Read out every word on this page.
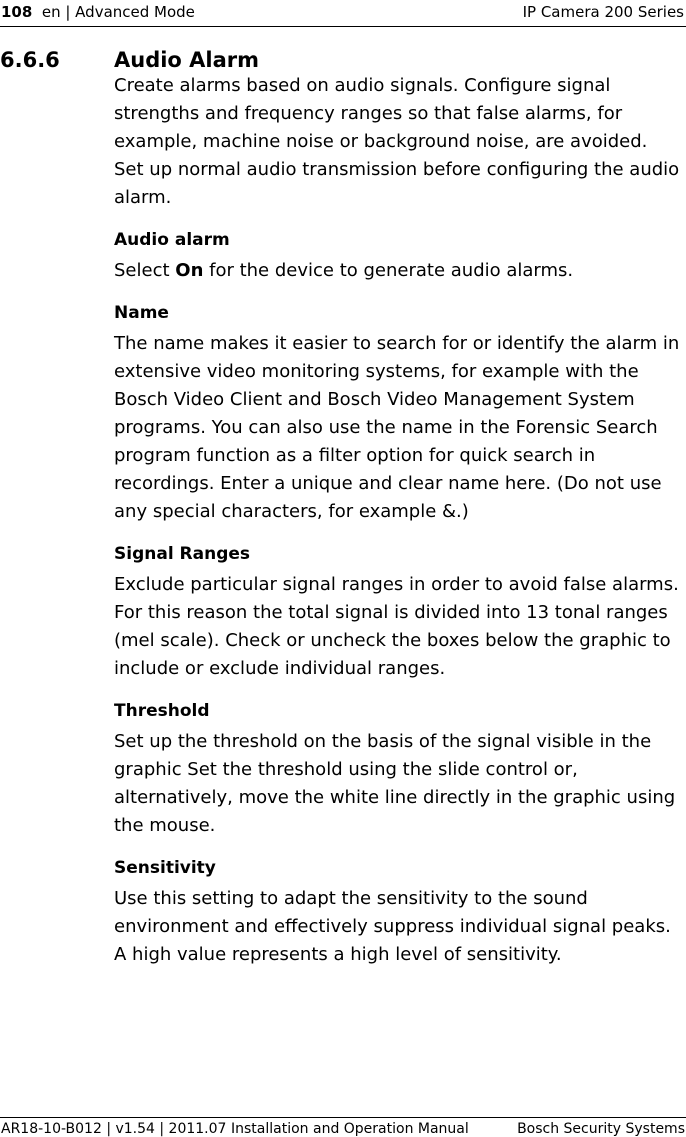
108 en | Advanced Mode	IP Camera 200 Series
6.6.6	Audio Alarm

Create alarms based on audio signals. Configure signal strengths and frequency ranges so that false alarms, for example, machine noise or background noise, are avoided.

Set up normal audio transmission before configuring the audio alarm.

Audio alarm

Select On for the device to generate audio alarms.

Name

The name makes it easier to search for or identify the alarm in extensive video monitoring systems, for example with the Bosch Video Client and Bosch Video Management System programs. You can also use the name in the Forensic Search program function as a filter option for quick search in recordings. Enter a unique and clear name here. (Do not use any special characters, for example &.)

Signal Ranges

Exclude particular signal ranges in order to avoid false alarms. For this reason the total signal is divided into 13 tonal ranges (mel scale). Check or uncheck the boxes below the graphic to include or exclude individual ranges.

Threshold

Set up the threshold on the basis of the signal visible in the graphic Set the threshold using the slide control or, alternatively, move the white line directly in the graphic using the mouse.

Sensitivity

Use this setting to adapt the sensitivity to the sound environment and effectively suppress individual signal peaks. A high value represents a high level of sensitivity.

AR18-10-B012 | v1.54 | 2011.07 Installation and Operation Manual	Bosch Security Systems
